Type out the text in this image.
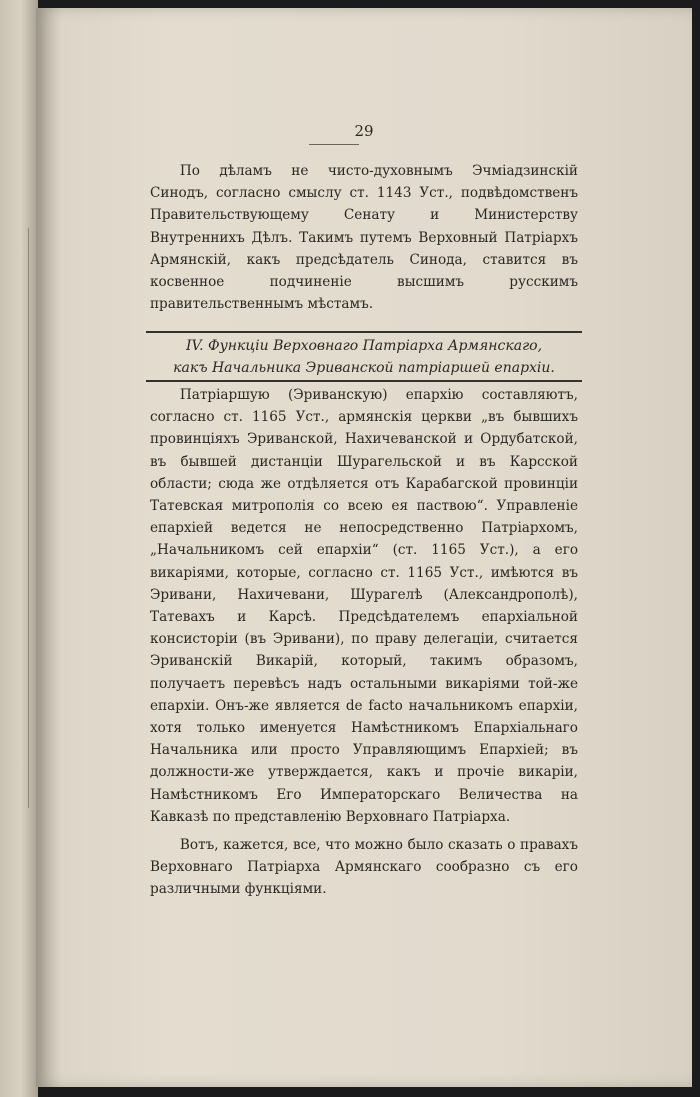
29

По дѣламъ не чисто-духовнымъ Эчміадзинскій Синодъ, согласно смыслу ст. 1143 Уст., подвѣдомственъ Правительствующему Сенату и Министерству Внутреннихъ Дѣлъ. Такимъ путемъ Верховный Патріархъ Армянскій, какъ предсѣдатель Синода, ставится въ косвенное подчиненіе высшимъ русскимъ правительственнымъ мѣстамъ.

IV. Функціи Верховнаго Патріарха Армянскаго,
какъ Начальника Эриванской патріаршей епархіи.

Патріаршую (Эриванскую) епархію составляютъ, согласно ст. 1165 Уст., армянскія церкви „въ бывшихъ провинціяхъ Эриванской, Нахичеванской и Ордубатской, въ бывшей дистанціи Шурагельской и въ Карсской области; сюда же отдѣляется отъ Карабагской провинціи Татевская митрополія со всею ея паствою“. Управленіе епархіей ведется не непосредственно Патріархомъ, „Начальникомъ сей епархіи“ (ст. 1165 Уст.), а его викаріями, которые, согласно ст. 1165 Уст., имѣются въ Эривани, Нахичевани, Шурагелѣ (Александрополѣ), Татевахъ и Карсѣ. Предсѣдателемъ епархіальной консисторіи (въ Эривани), по праву делегаціи, считается Эриванскій Викарій, который, такимъ образомъ, получаетъ перевѣсъ надъ остальными викаріями той-же епархіи. Онъ-же является de facto начальникомъ епархіи, хотя только именуется Намѣстникомъ Епархіальнаго Начальника или просто Управляющимъ Епархіей; въ должности-же утверждается, какъ и прочіе викаріи, Намѣстникомъ Его Императорскаго Величества на Кавказѣ по представленію Верховнаго Патріарха.

Вотъ, кажется, все, что можно было сказать о правахъ Верховнаго Патріарха Армянскаго сообразно съ его различными функціями.
